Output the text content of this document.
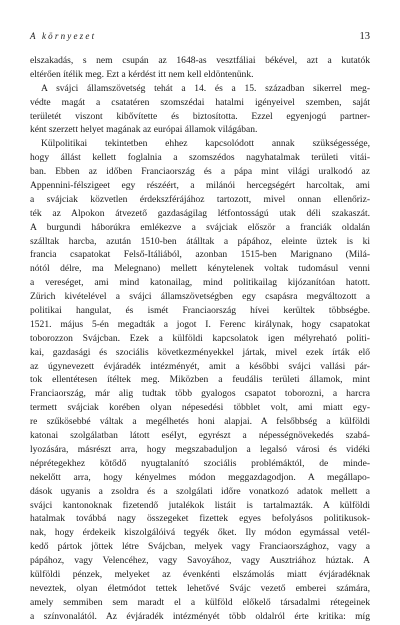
A környezet	13
elszakadás, s nem csupán az 1648-as vesztfáliai békével, azt a kutatók
eltérően ítélik meg. Ezt a kérdést itt nem kell eldöntenünk.
A svájci államszövetség tehát a 14. és a 15. században sikerrel meg-
védte magát a csatatéren szomszédai hatalmi igényeivel szemben, saját
területét viszont kibővítette és biztosította. Ezzel egyenjogú partner-
ként szerzett helyet magának az európai államok világában.
Külpolitikai tekintetben ehhez kapcsolódott annak szükségessége,
hogy állást kellett foglalnia a szomszédos nagyhatalmak területi vitái-
ban. Ebben az időben Franciaország és a pápa mint világi uralkodó az
Appennini-félszigeet egy részéért, a milánói hercegségért harcoltak, ami
a svájciak közvetlen érdekszférájához tartozott, mivel onnan ellenőriz-
ték az Alpokon átvezető gazdaságilag létfontosságú utak déli szakaszát.
A burgundi háborúkra emlékezve a svájciak először a franciák oldalán
szálltak harcba, azután 1510-ben átálltak a pápához, eleinte üztek is ki
francia csapatokat Felső-Itáliából, azonban 1515-ben Marignano (Milá-
nótól délre, ma Melegnano) mellett kénytelenek voltak tudomásul venni
a vereséget, ami mind katonailag, mind politikailag kijózanítóan hatott.
Zürich kivételével a svájci államszövetségben egy csapásra megváltozott a
politikai hangulat, és ismét Franciaország hívei kerültek többségbe.
1521. május 5-én megadták a jogot I. Ferenc királynak, hogy csapatokat
toborozzon Svájcban. Ezek a külföldi kapcsolatok igen mélyreható politi-
kai, gazdasági és szociális következményekkel jártak, mivel ezek írták elő
az úgynevezett évjáradék intézményét, amit a későbbi svájci vallási pár-
tok ellentétesen ítéltek meg. Miközben a feudális területi államok, mint
Franciaország, már alig tudtak több gyalogos csapatot toborozni, a harcra
termett svájciak korében olyan népesedési többlet volt, ami miatt egy-
re szűkösebbé váltak a megélhetés honi alapjai. A felsőbbség a külföldi
katonai szolgálatban látott eséIyt, egyrészt a népességnövekedés szabá-
lyozására, másrészt arra, hogy megszabaduljon a legalsó városi és vidéki
néprétegekhez kötődő nyugtalanító szociális problémáktól, de minde-
nekelőtt arra, hogy kényelmes módon meggazdagodjon. A megállapo-
dások ugyanis a zsoldra és a szolgálati időre vonatkozó adatok mellett a
svájci kantonoknak fizetendő jutalékok listáit is tartalmazták. A külföldi
hatalmak továbbá nagy összegeket fizettek egyes befolyásos politikusok-
nak, hogy érdekeik kiszolgálóivá tegyék őket. Ily módon egymással vetél-
kedő pártok jöttek létre Svájcban, melyek vagy Franciaországhoz, vagy a
pápához, vagy Velencéhez, vagy Savoyához, vagy Ausztriához húztak. A
külföldi pénzek, melyeket az évenkénti elszámolás miatt évjáradéknak
neveztek, olyan életmódot tettek lehetővé Svájc vezető emberei számára,
amely semmiben sem maradt el a külföld előkelő társadalmi rétegeinek
a színvonalától. Az évjáradék intézményét több oldalról érte kritika: míg
